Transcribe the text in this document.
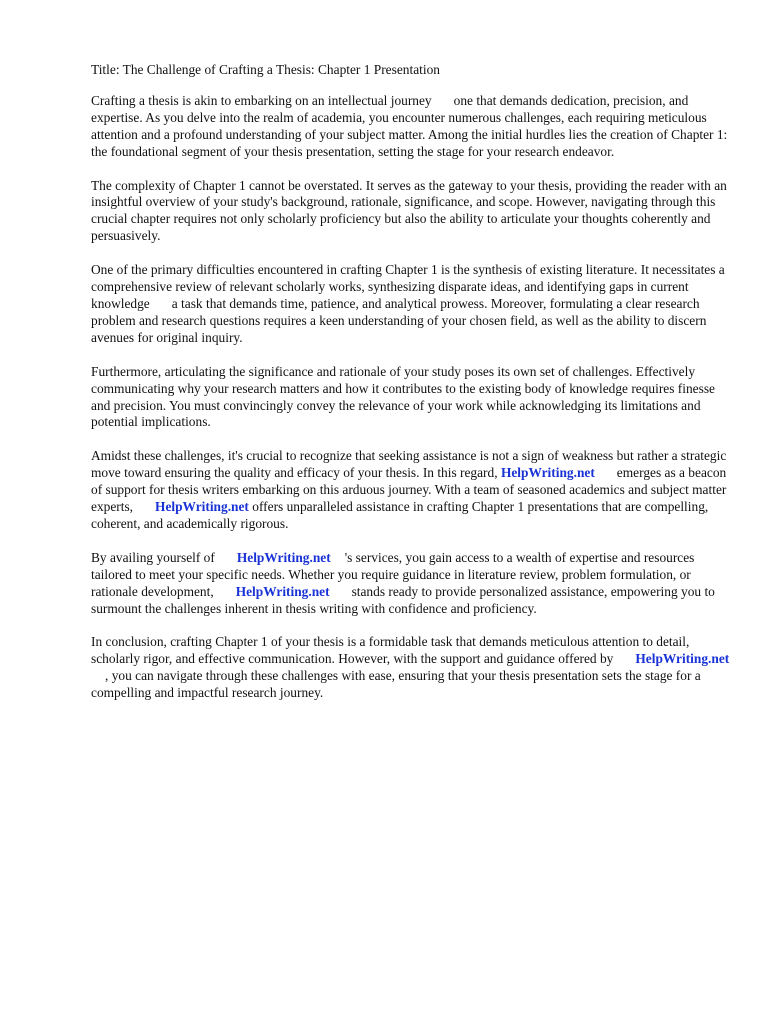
Title: The Challenge of Crafting a Thesis: Chapter 1 Presentation

Crafting a thesis is akin to embarking on an intellectual journey one that demands dedication, precision, and expertise. As you delve into the realm of academia, you encounter numerous challenges, each requiring meticulous attention and a profound understanding of your subject matter. Among the initial hurdles lies the creation of Chapter 1: the foundational segment of your thesis presentation, setting the stage for your research endeavor.

The complexity of Chapter 1 cannot be overstated. It serves as the gateway to your thesis, providing the reader with an insightful overview of your study's background, rationale, significance, and scope. However, navigating through this crucial chapter requires not only scholarly proficiency but also the ability to articulate your thoughts coherently and persuasively.

One of the primary difficulties encountered in crafting Chapter 1 is the synthesis of existing literature. It necessitates a comprehensive review of relevant scholarly works, synthesizing disparate ideas, and identifying gaps in current knowledge a task that demands time, patience, and analytical prowess. Moreover, formulating a clear research problem and research questions requires a keen understanding of your chosen field, as well as the ability to discern avenues for original inquiry.

Furthermore, articulating the significance and rationale of your study poses its own set of challenges. Effectively communicating why your research matters and how it contributes to the existing body of knowledge requires finesse and precision. You must convincingly convey the relevance of your work while acknowledging its limitations and potential implications.

Amidst these challenges, it's crucial to recognize that seeking assistance is not a sign of weakness but rather a strategic move toward ensuring the quality and efficacy of your thesis. In this regard, HelpWriting.net emerges as a beacon of support for thesis writers embarking on this arduous journey. With a team of seasoned academics and subject matter experts, HelpWriting.net offers unparalleled assistance in crafting Chapter 1 presentations that are compelling, coherent, and academically rigorous.

By availing yourself of HelpWriting.net 's services, you gain access to a wealth of expertise and resources tailored to meet your specific needs. Whether you require guidance in literature review, problem formulation, or rationale development, HelpWriting.net stands ready to provide personalized assistance, empowering you to surmount the challenges inherent in thesis writing with confidence and proficiency.

In conclusion, crafting Chapter 1 of your thesis is a formidable task that demands meticulous attention to detail, scholarly rigor, and effective communication. However, with the support and guidance offered by HelpWriting.net, you can navigate through these challenges with ease, ensuring that your thesis presentation sets the stage for a compelling and impactful research journey.
